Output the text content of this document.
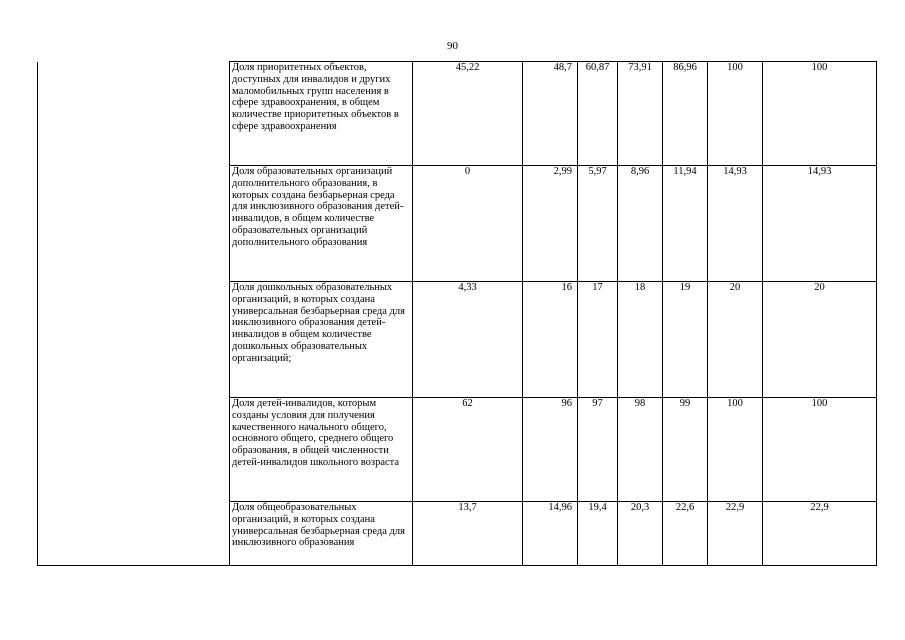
90
	Доля приоритетных объектов, доступных для инвалидов и других маломобильных групп населения в сфере здравоохранения, в общем количестве приоритетных объектов в сфере здравоохранения	45,22	48,7	60,87	73,91	86,96	100	100
	Доля образовательных организаций дополнительного образования, в которых создана безбарьерная среда для инклюзивного образования детей-инвалидов, в общем количестве образовательных организаций дополнительного образования	0	2,99	5,97	8,96	11,94	14,93	14,93
	Доля дошкольных образовательных организаций, в которых создана универсальная безбарьерная среда для инклюзивного образования детей-инвалидов в общем количестве дошкольных образовательных организаций;	4,33	16	17	18	19	20	20
	Доля детей-инвалидов, которым созданы условия для получения качественного начального общего, основного общего, среднего общего образования, в общей численности детей-инвалидов школьного возраста	62	96	97	98	99	100	100
	Доля общеобразовательных организаций, в которых создана универсальная безбарьерная среда для инклюзивного образования	13,7	14,96	19,4	20,3	22,6	22,9	22,9
